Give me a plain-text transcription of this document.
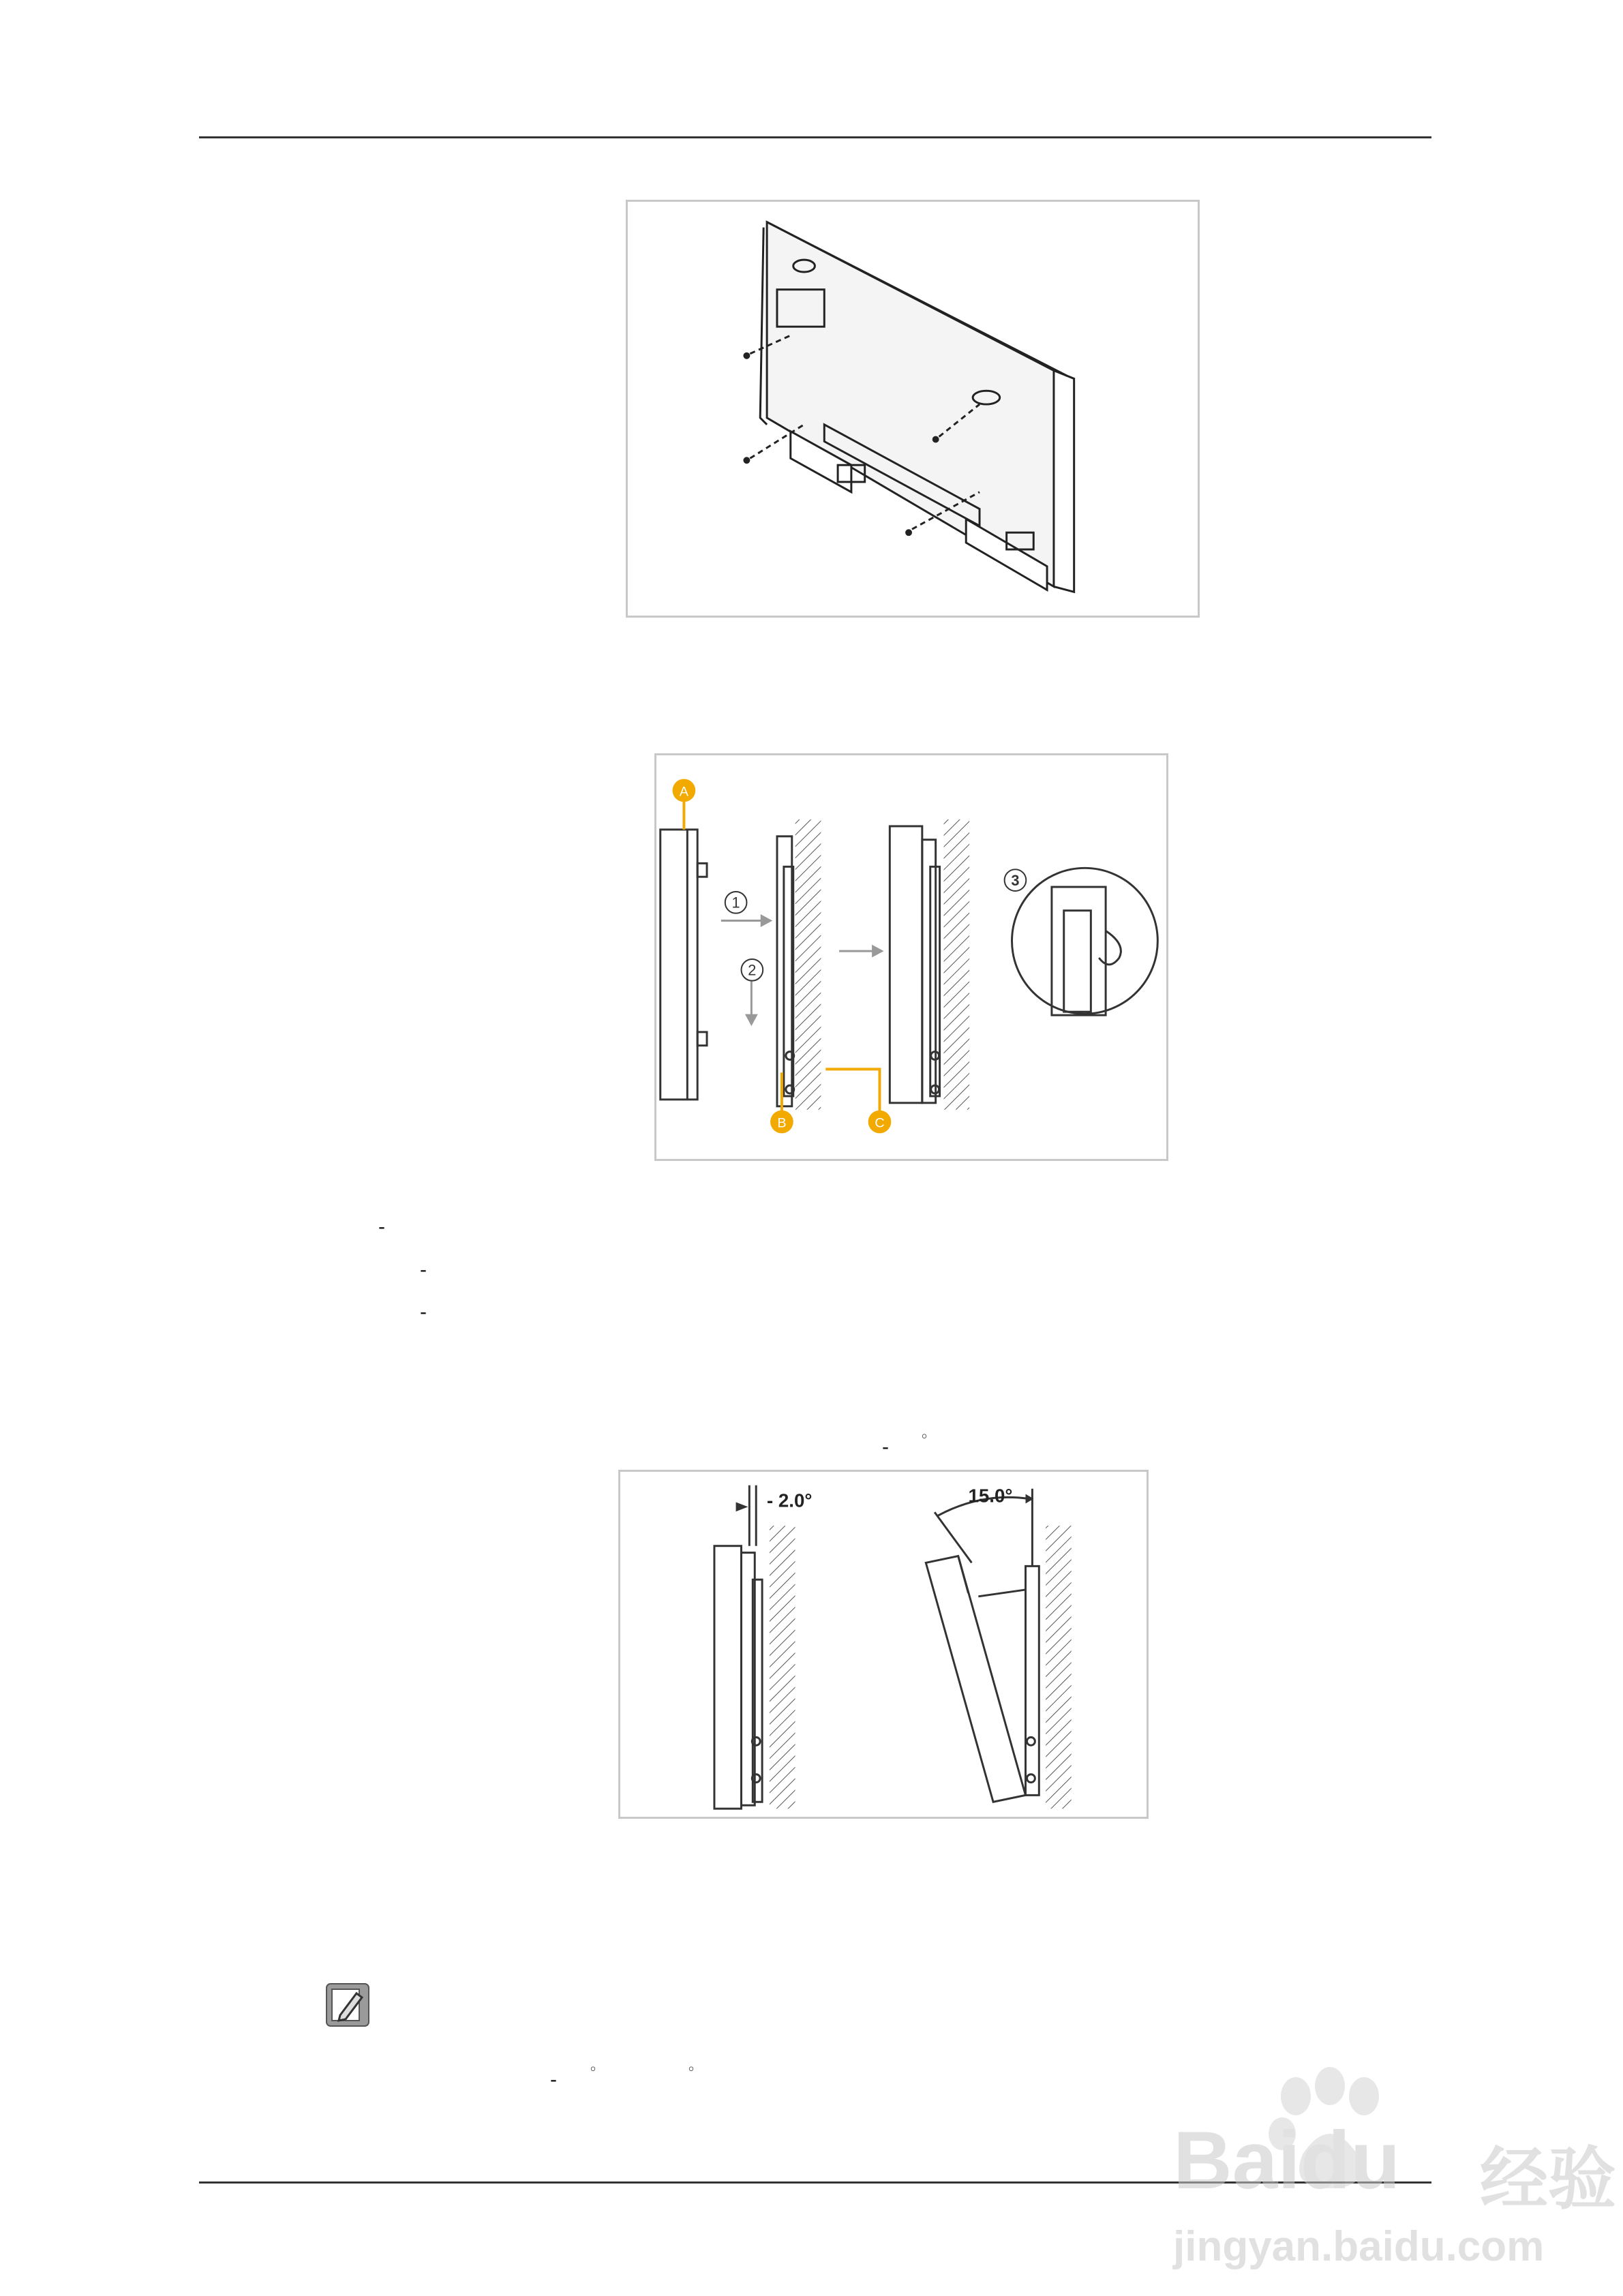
1
2
3
A
B	C
-
-
-
-
。
- 2.0°	15.0°
-
。	。
Baidu 经验
jingyan.baidu.com
